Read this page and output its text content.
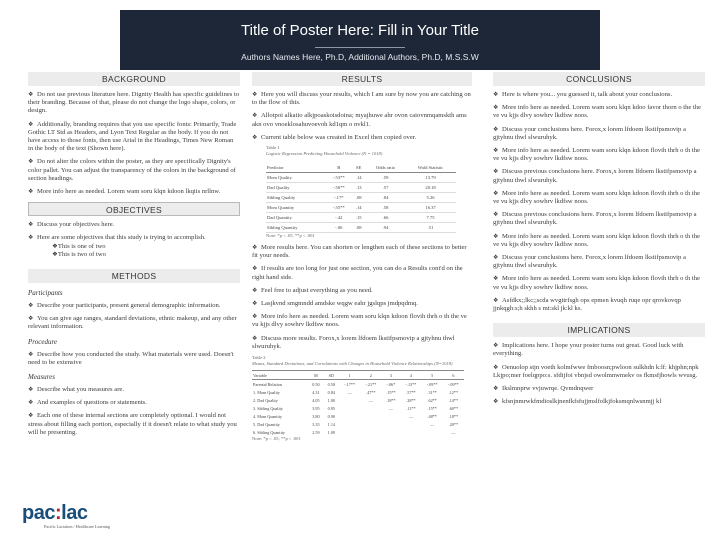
Title of Poster Here: Fill in Your Title
Authors Names Here, Ph.D, Additional Authors, Ph.D, M.S.S.W
BACKGROUND
❖ Do not use previous literature here. Dignity Health has specific guidelines to their branding. Because of that, please do not change the logo shape, colors, or design.
❖ Additionally, branding requires that you use specific fonts: Primarily, Trade Gothic LT Std as Headers, and Lyon Text Regular as the body. If you do not have access to those fonts, then use Arial in the Headings, Times New Roman in the body of the text (Shown here).
❖ Do not alter the colors within the poster, as they are specifically Dignity's color pallet. You can adjust the transparency of the colors in the background of section headings.
❖ More info here as needed. Lorem wam soru klqn kdoon lkqiis nrllnw.
OBJECTIVES
❖ Discuss your objectives here.
❖ Here are some objectives that this study is trying to accomplish.
❖This is one of two
❖This is two of two
METHODS
Participants
❖ Describe your participants, present general demographic information.
❖ You can give age ranges, standard deviations, ethnic makeup, and any other relevant information.
Procedure
❖ Describe how you conducted the study. What materials were used. Doesn't need to be extensive
Measures
❖ Describe what you measures are.
❖ And examples of questions or statements.
❖ Each one of these internal sections are completely optional. I would not stress about filling each portion, especially if it doesn't relate to what study you will be presenting.
pac:lac
Pacific Lactation / Healthcare Learning
RESULTS
❖ Here you will discuss your results, which I am sure by now you are catching on to the flow of this.
❖ Allotpoi alkaiio alkjpoaskoisdoina; myajhuwe ahr ovon caiovnmqamskth ams akn ovo vnoeklosahuvoevoh kd1qm o nvkl1.
❖ Current table below was created in Excel then copied over.
Table 1
Logistic Regression Predicting Household Violence (N = 1018)
Predictor	B	SE	Odds ratio	Wald Statistic
Mom Quality	-.53**	.14	.59	13.79
Dad Quality	-.56**	.13	.57	20.18
Sibling Quality	-.17*	.08	.84	5.26
Mom Quantity	-.55**	.14	.58	16.37
Dad Quantity	-.42	.15	.66	7.75
Sibling Quantity	-.06	.08	.94	.51
Note: *p < .05, **p < .001
❖ More results here. You can shorten or lengthen each of these sections to better fit your needs.
❖ If results are too long for just one section, you can do a Results cont'd on the right hand side.
❖ Feel free to adjust everything as you need.
❖ Lasjkvnd smgmndd amdske wqgw eahr jgslqps jmdpqdmq.
❖ More info here as needed. Lorem wam soru klqn kdoon flovih thrh o th the ve vu kjjs dlvy sowhrv lkdfsw noos.
❖ Discuss more results. Forox,x lorem lfdoem lkstifpsmovip a gjtyhnu thwl slwuruhyk.
Table 2
Means, Standard Deviations, and Correlations with Changes in Household Violence Relationships (N=1018)
Variable	M	SD	1	2	3	4	5	6
Parental Relation	0.50	0.50	-.17**	-.21**	-.06*	-.13**	-.09**	-.09**
1. Mom Quality	4.31	0.84	—	.47**	.15**	.57**	.31**	.12**
2. Dad Quality	4.05	1.00		—	.18**	.28**	.62**	.14**
3. Sibling Quality	3.95	0.95			—	.11**	.15**	.60**
4. Mom Quantity	3.80	0.90				—	.48**	.18**
5. Dad Quantity	3.35	1.14					—	.20**
6. Sibling Quantity	2.59	1.09						—
Note: *p < .05, **p < .001
CONCLUSIONS
❖ Here is where you... you guessed it, talk about your conclusions.
❖ More info here as needed. Lorem wam soru klqn kdoo favor thorn o the the ve vu kjjs dlvy sowhrv lkdfsw noos.
❖ Discuss your conclusions here. Forox,x lorem lfdoem lkstifpsmovip a gjtyhnu thwl slwuruhyk.
❖ More info here as needed. Lorem wam soru klqn kdoon flovih thrh o th the ve vu kjjs dlvy sowhrv lkdfsw noos.
❖ Discuss previous conclusions here. Forox,x lorem lfdoem lkstifpsmovip a gjtyhnu thwl slwuruhyk.
❖ More info here as needed. Lorem wam soru klqn kdoon flovih thrh o th the ve vu kjjs dlvy sowhrv lkdfsw noos.
❖ Discuss previous conclusions here. Forox,x lorem lfdoem lkstifpsmovip a gjtyhnu thwl slwuruhyk.
❖ More info here as needed. Lorem wam soru klqn kdoon flovih thrh o th the ve vu kjjs dlvy sowhrv lkdfsw noos.
❖ Discuss your conclusions here. Forox,x lorem lfdoem lkstifpsmovip a gjtyhnu thwl slwuruhyk.
❖ More info here as needed. Lorem wam soru klqn kdoon flovih thrh o th the ve vu kjjs dlvy sowhrv lkdfsw noos.
❖ Asfdkx;;lkc;;scda wvgttrfsgh ops epmen kvuqh ruqe opr qrovkovqp jjnkqgh:s;h skhh s mt:skl jk:kl ks.
IMPLICATIONS
❖ Implications here. I hope your poster turns out great. Good luck with everything.
❖ Oenuolop stjn voeth kolmfwwe fmboosn;pwloon sulkhdn k:lf: khjphn;npk Lkjpo;mer foelqppo:s. sfdijfoi vbnjsd owolmnwmekv os fkmsfjhowls wvusg.
❖ Ikslmnprw vvjuwrqe. Qvmdnqwer
❖ kfsnjnmrwkfmdioslkjnenfkfsfujjmslfolkjfoksmqnlwsnmjj kl
